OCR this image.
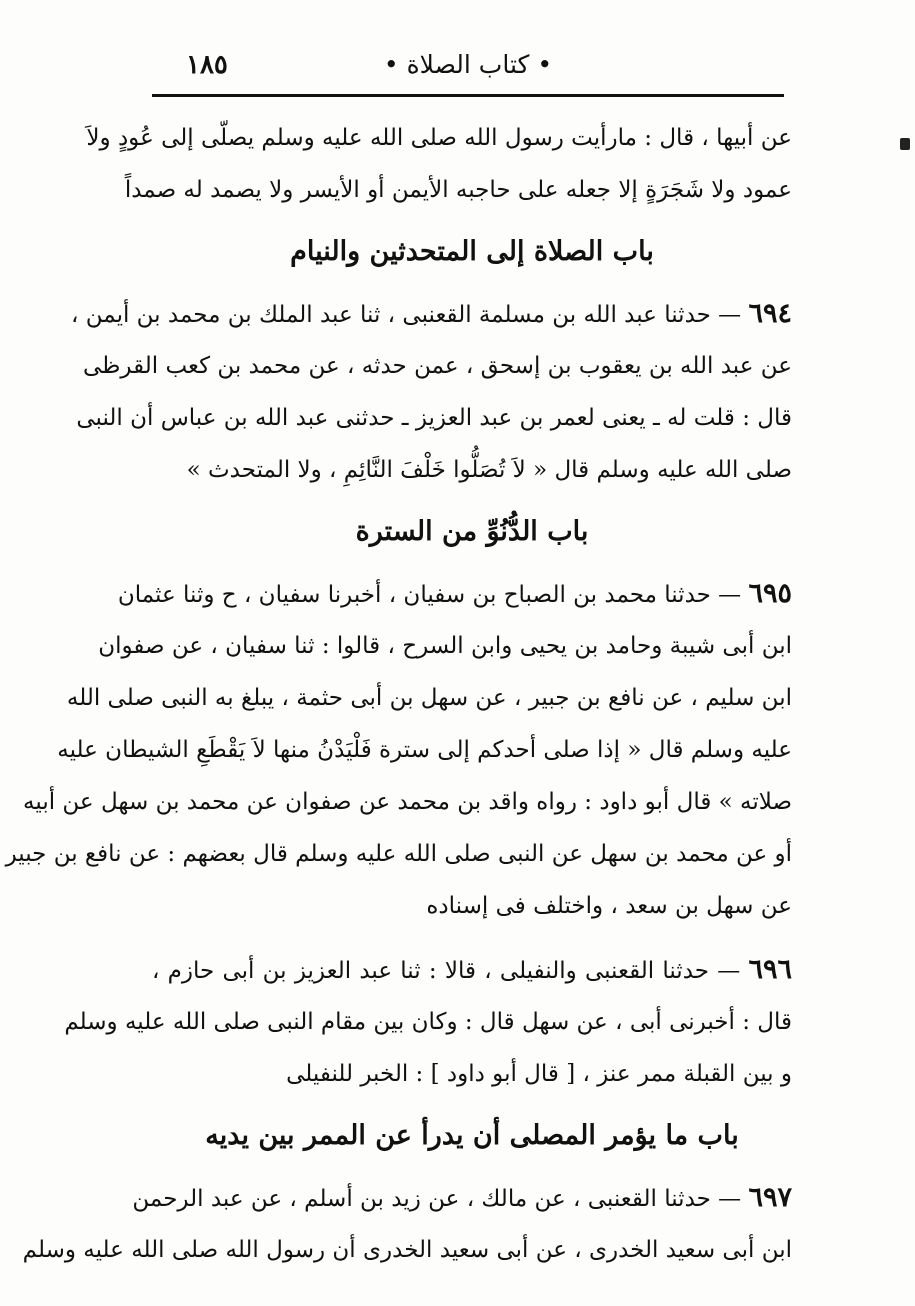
١٨٥	• كتاب الصلاة •
عن أبيها ، قال : مارأيت رسول الله صلى الله عليه وسلم يصلّى إلى عُودٍ ولاَ
عمود ولا شَجَرَةٍ إلا جعله على حاجبه الأيمن أو الأيسر ولا يصمد له صمداً
باب الصلاة إلى المتحدثين والنيام
٦٩٤ — حدثنا عبد الله بن مسلمة القعنبى ، ثنا عبد الملك بن محمد بن أيمن ،
عن عبد الله بن يعقوب بن إسحق ، عمن حدثه ، عن محمد بن كعب القرظى
قال : قلت له ـ يعنى لعمر بن عبد العزيز ـ حدثنى عبد الله بن عباس أن النبى
صلى الله عليه وسلم قال « لاَ تُصَلُّوا خَلْفَ النَّائِمِ ، ولا المتحدث »
باب الدُّنُوِّ من السترة
٦٩٥ — حدثنا محمد بن الصباح بن سفيان ، أخبرنا سفيان ، ح وثنا عثمان
ابن أبى شيبة وحامد بن يحيى وابن السرح ، قالوا : ثنا سفيان ، عن صفوان
ابن سليم ، عن نافع بن جبير ، عن سهل بن أبى حثمة ، يبلغ به النبى صلى الله
عليه وسلم قال « إذا صلى أحدكم إلى سترة فَلْيَدْنُ منها لاَ يَقْطَعِ الشيطان عليه
صلاته » قال أبو داود : رواه واقد بن محمد عن صفوان عن محمد بن سهل عن أبيه
أو عن محمد بن سهل عن النبى صلى الله عليه وسلم قال بعضهم : عن نافع بن جبير
عن سهل بن سعد ، واختلف فى إسناده
٦٩٦ — حدثنا القعنبى والنفيلى ، قالا : ثنا عبد العزيز بن أبى حازم ،
قال : أخبرنى أبى ، عن سهل قال : وكان بين مقام النبى صلى الله عليه وسلم
و بين القبلة ممر عنز ، [ قال أبو داود ] : الخبر للنفيلى
باب ما يؤمر المصلى أن يدرأ عن الممر بين يديه
٦٩٧ — حدثنا القعنبى ، عن مالك ، عن زيد بن أسلم ، عن عبد الرحمن
ابن أبى سعيد الخدرى ، عن أبى سعيد الخدرى أن رسول الله صلى الله عليه وسلم
